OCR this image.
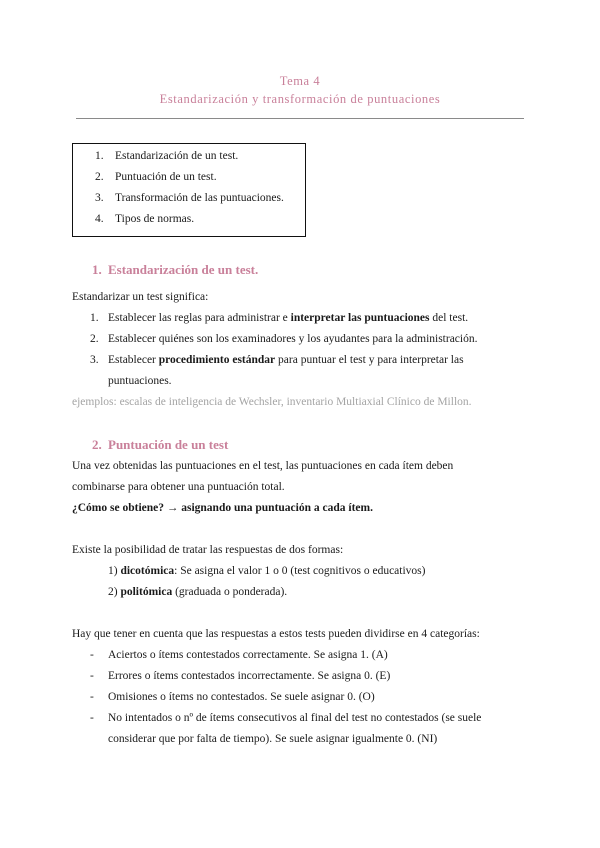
Tema 4
Estandarización y transformación de puntuaciones
1. Estandarización de un test.
2. Puntuación de un test.
3. Transformación de las puntuaciones.
4. Tipos de normas.
1. Estandarización de un test.
Estandarizar un test significa:
1. Establecer las reglas para administrar e interpretar las puntuaciones del test.
2. Establecer quiénes son los examinadores y los ayudantes para la administración.
3. Establecer procedimiento estándar para puntuar el test y para interpretar las
puntuaciones.
ejemplos: escalas de inteligencia de Wechsler, inventario Multiaxial Clínico de Millon.
2. Puntuación de un test
Una vez obtenidas las puntuaciones en el test, las puntuaciones en cada ítem deben
combinarse para obtener una puntuación total.
¿Cómo se obtiene? → asignando una puntuación a cada ítem.
Existe la posibilidad de tratar las respuestas de dos formas:
1) dicotómica: Se asigna el valor 1 o 0 (test cognitivos o educativos)
2) politómica (graduada o ponderada).
Hay que tener en cuenta que las respuestas a estos tests pueden dividirse en 4 categorías:
- Aciertos o ítems contestados correctamente. Se asigna 1. (A)
- Errores o ítems contestados incorrectamente. Se asigna 0. (E)
- Omisiones o ítems no contestados. Se suele asignar 0. (O)
- No intentados o nº de ítems consecutivos al final del test no contestados (se suele
considerar que por falta de tiempo). Se suele asignar igualmente 0. (NI)
